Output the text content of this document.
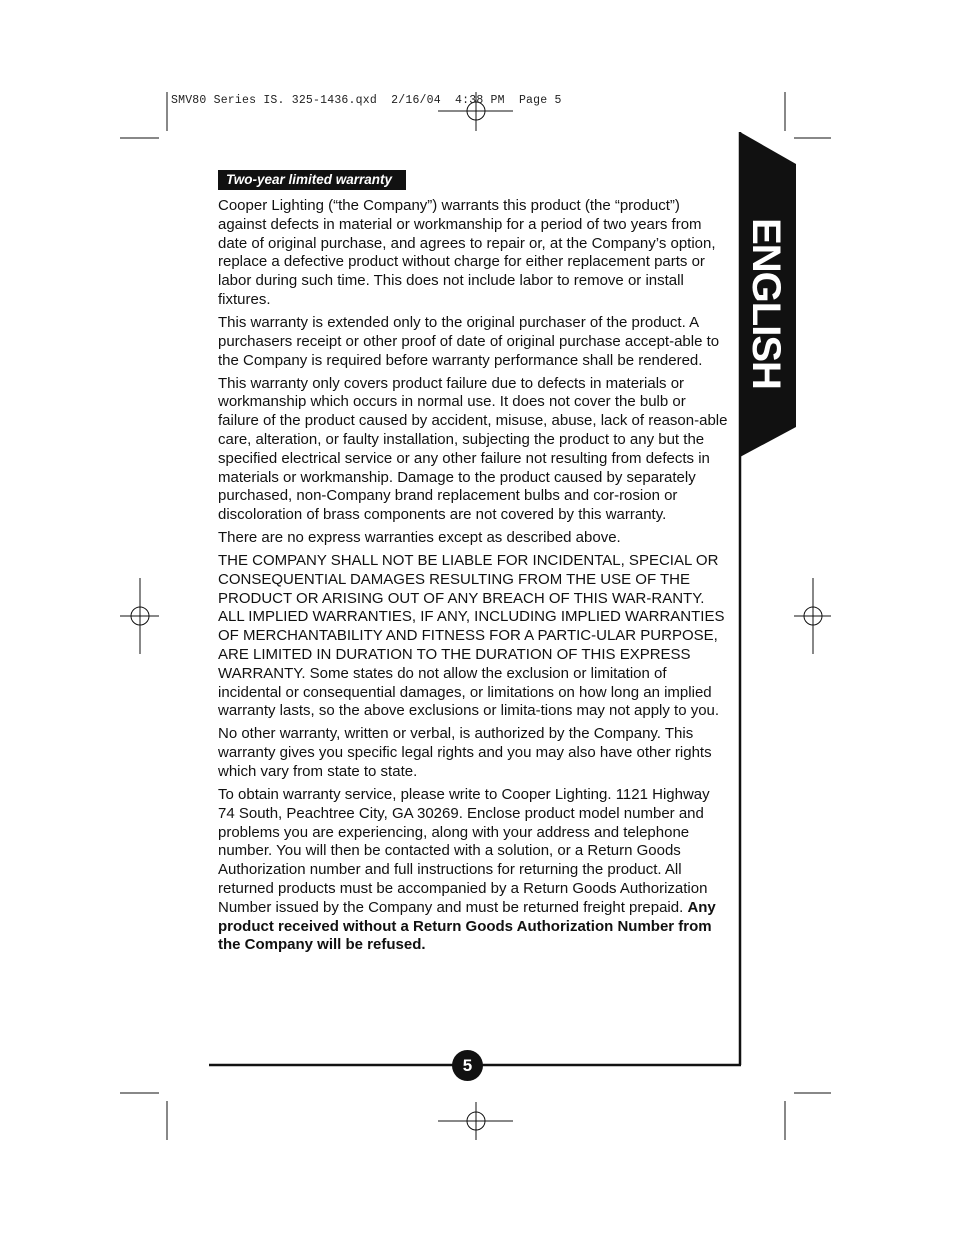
SMV80 Series IS. 325-1436.qxd  2/16/04  4:38 PM  Page 5
ENGLISH
Two-year limited warranty

Cooper Lighting (“the Company”) warrants this product (the “product”) against defects in material or workmanship for a period of two years from date of original purchase, and agrees to repair or, at the Company’s option, replace a defective product without charge for either replacement parts or labor during such time. This does not include labor to remove or install fixtures.

This warranty is extended only to the original purchaser of the product. A purchasers receipt or other proof of date of original purchase accept-able to the Company is required before warranty performance shall be rendered.

This warranty only covers product failure due to defects in materials or workmanship which occurs in normal use. It does not cover the bulb or failure of the product caused by accident, misuse, abuse, lack of reason-able care, alteration, or faulty installation, subjecting the product to any but the specified electrical service or any other failure not resulting from defects in materials or workmanship. Damage to the product caused by separately purchased, non-Company brand replacement bulbs and cor-rosion or discoloration of brass components are not covered by this warranty.

There are no express warranties except as described above.

THE COMPANY SHALL NOT BE LIABLE FOR INCIDENTAL, SPECIAL OR CONSEQUENTIAL DAMAGES RESULTING FROM THE USE OF THE PRODUCT OR ARISING OUT OF ANY BREACH OF THIS WAR-RANTY. ALL IMPLIED WARRANTIES, IF ANY, INCLUDING IMPLIED WARRANTIES OF MERCHANTABILITY AND FITNESS FOR A PARTIC-ULAR PURPOSE, ARE LIMITED IN DURATION TO THE DURATION OF THIS EXPRESS WARRANTY. Some states do not allow the exclusion or limitation of incidental or consequential damages, or limitations on how long an implied warranty lasts, so the above exclusions or limita-tions may not apply to you.

No other warranty, written or verbal, is authorized by the Company. This warranty gives you specific legal rights and you may also have other rights which vary from state to state.

To obtain warranty service, please write to Cooper Lighting. 1121 Highway 74 South, Peachtree City, GA 30269. Enclose product model number and problems you are experiencing, along with your address and telephone number. You will then be contacted with a solution, or a Return Goods Authorization number and full instructions for returning the product. All returned products must be accompanied by a Return Goods Authorization Number issued by the Company and must be returned freight prepaid. Any product received without a Return Goods Authorization Number from the Company will be refused.

5
